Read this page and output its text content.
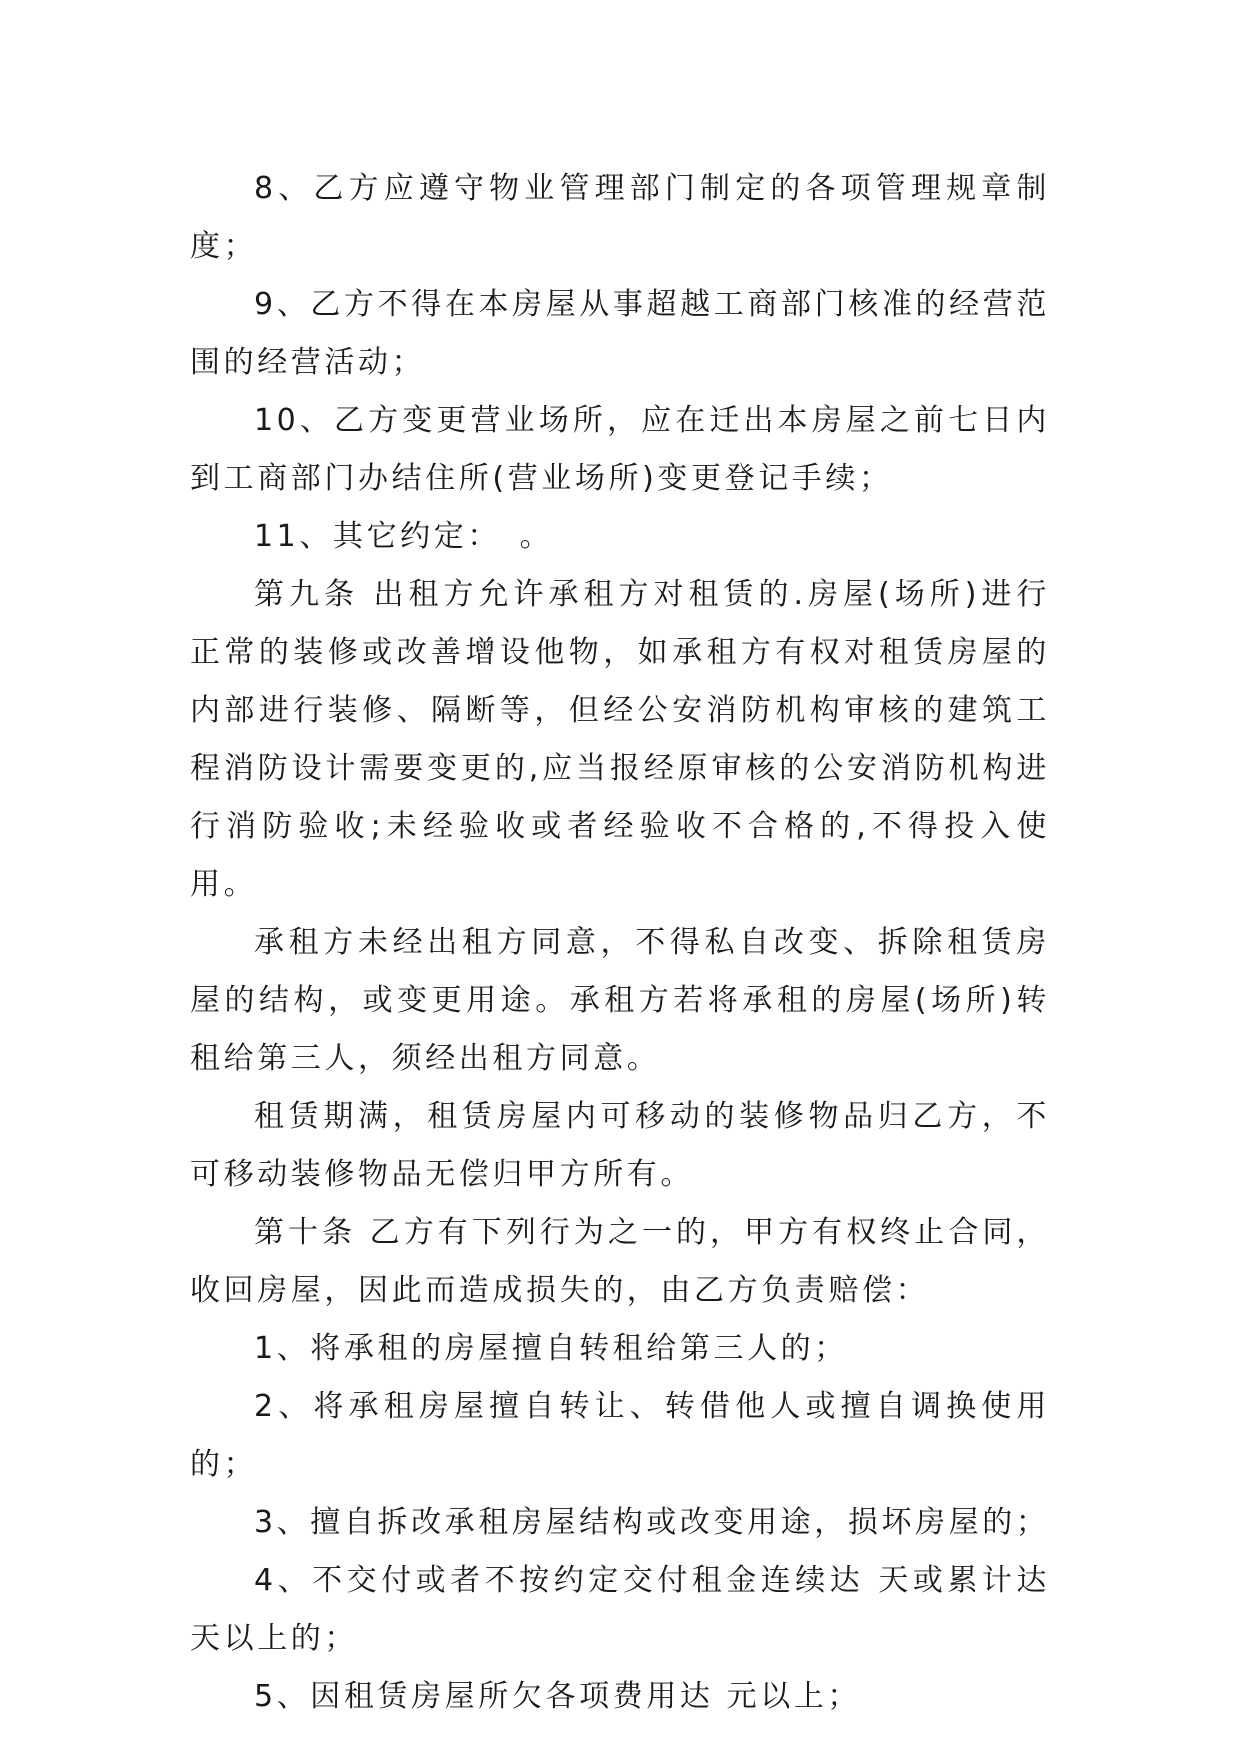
8、乙方应遵守物业管理部门制定的各项管理规章制度；

9、乙方不得在本房屋从事超越工商部门核准的经营范围的经营活动；

10、乙方变更营业场所，应在迁出本房屋之前七日内到工商部门办结住所(营业场所)变更登记手续；

11、其它约定：　。

第九条 出租方允许承租方对租赁的.房屋(场所)进行正常的装修或改善增设他物，如承租方有权对租赁房屋的内部进行装修、隔断等，但经公安消防机构审核的建筑工程消防设计需要变更的,应当报经原审核的公安消防机构进行消防验收;未经验收或者经验收不合格的,不得投入使用。

承租方未经出租方同意，不得私自改变、拆除租赁房屋的结构，或变更用途。承租方若将承租的房屋(场所)转租给第三人，须经出租方同意。

租赁期满，租赁房屋内可移动的装修物品归乙方，不可移动装修物品无偿归甲方所有。

第十条 乙方有下列行为之一的，甲方有权终止合同，收回房屋，因此而造成损失的，由乙方负责赔偿：

1、将承租的房屋擅自转租给第三人的；

2、将承租房屋擅自转让、转借他人或擅自调换使用的；

3、擅自拆改承租房屋结构或改变用途，损坏房屋的；

4、不交付或者不按约定交付租金连续达 天或累计达 天以上的；

5、因租赁房屋所欠各项费用达 元以上；
